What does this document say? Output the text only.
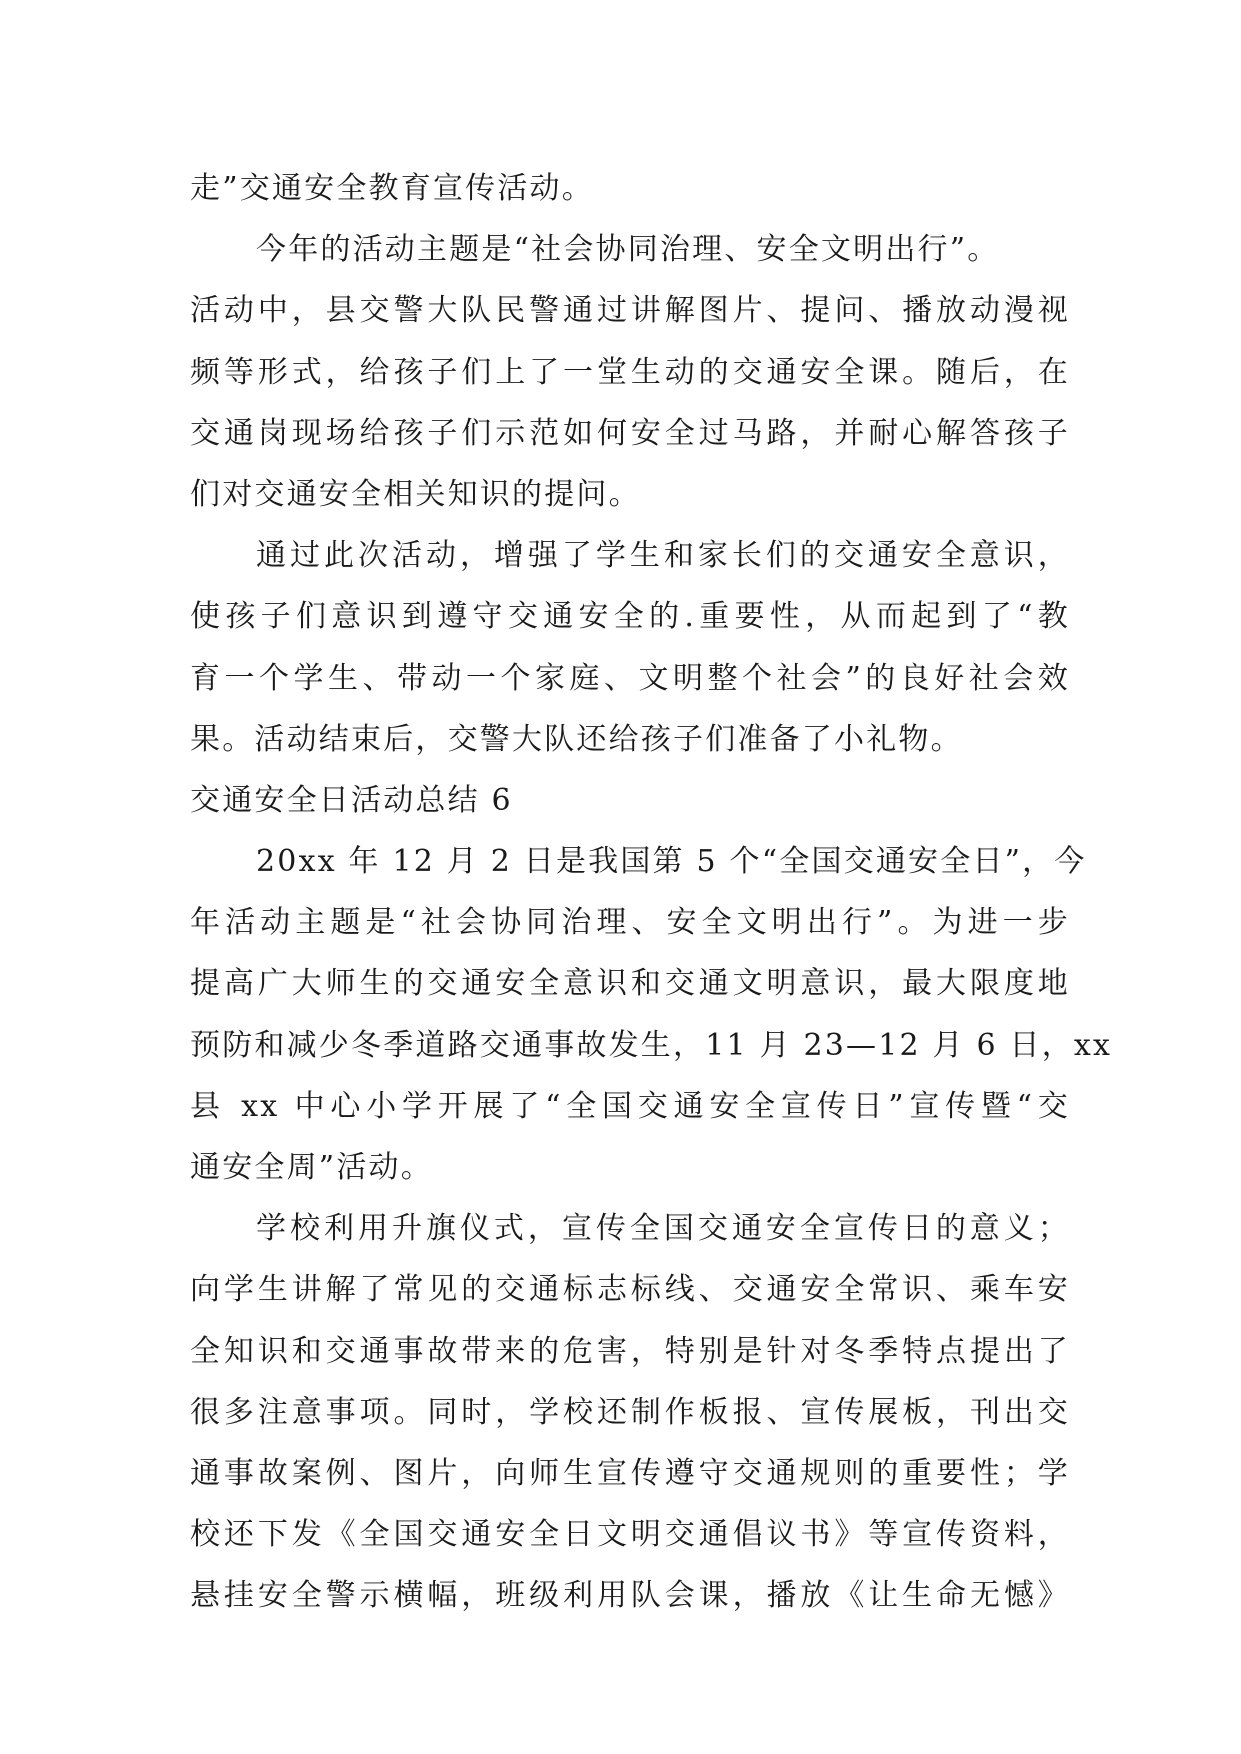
走”交通安全教育宣传活动。
今年的活动主题是“社会协同治理、安全文明出行”。
活动中，县交警大队民警通过讲解图片、提问、播放动漫视
频等形式，给孩子们上了一堂生动的交通安全课。随后，在
交通岗现场给孩子们示范如何安全过马路，并耐心解答孩子
们对交通安全相关知识的提问。
通过此次活动，增强了学生和家长们的交通安全意识，
使孩子们意识到遵守交通安全的.重要性，从而起到了“教
育一个学生、带动一个家庭、文明整个社会”的良好社会效
果。活动结束后，交警大队还给孩子们准备了小礼物。
交通安全日活动总结 6
20xx 年 12 月 2 日是我国第 5 个“全国交通安全日”，今
年活动主题是“社会协同治理、安全文明出行”。为进一步
提高广大师生的交通安全意识和交通文明意识，最大限度地
预防和减少冬季道路交通事故发生，11 月 23—12 月 6 日，xx
县 xx 中心小学开展了“全国交通安全宣传日”宣传暨“交
通安全周”活动。
学校利用升旗仪式，宣传全国交通安全宣传日的意义；
向学生讲解了常见的交通标志标线、交通安全常识、乘车安
全知识和交通事故带来的危害，特别是针对冬季特点提出了
很多注意事项。同时，学校还制作板报、宣传展板，刊出交
通事故案例、图片，向师生宣传遵守交通规则的重要性；学
校还下发《全国交通安全日文明交通倡议书》等宣传资料，
悬挂安全警示横幅，班级利用队会课，播放《让生命无憾》
